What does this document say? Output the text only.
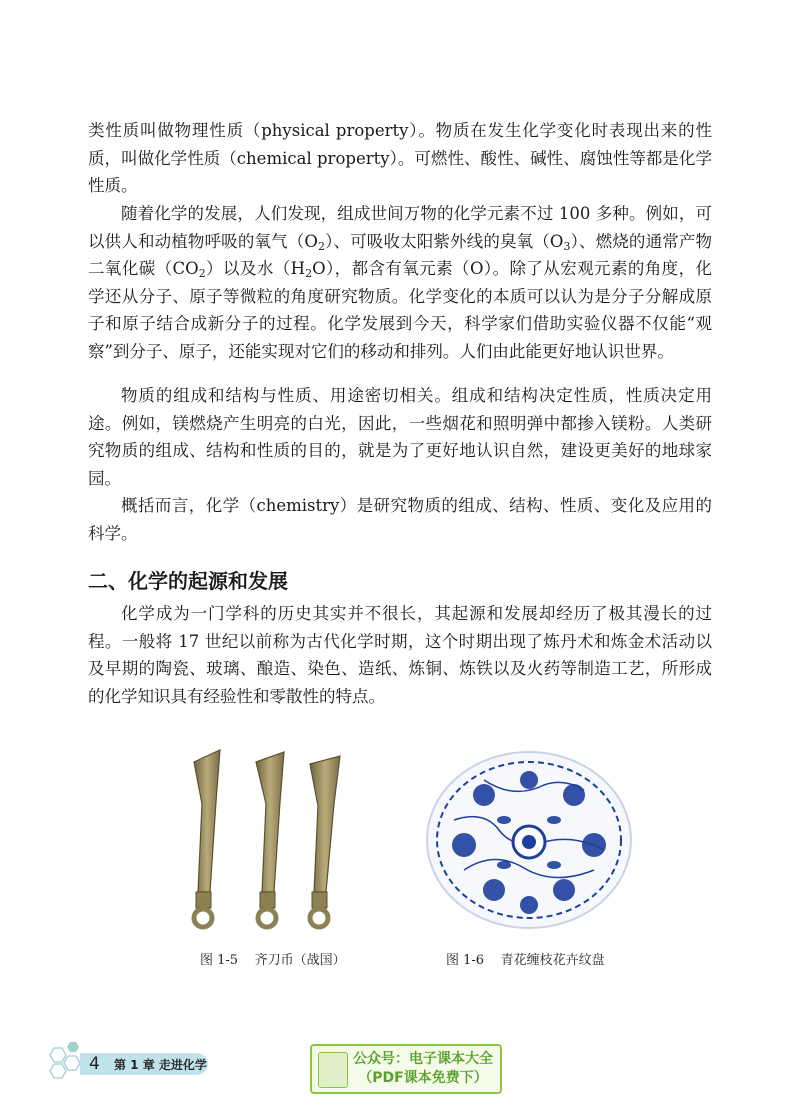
类性质叫做物理性质（physical property）。物质在发生化学变化时表现出来的性质，叫做化学性质（chemical property）。可燃性、酸性、碱性、腐蚀性等都是化学性质。

随着化学的发展，人们发现，组成世间万物的化学元素不过 100 多种。例如，可以供人和动植物呼吸的氧气$(O_2)$、可吸收太阳紫外线的臭氧$(O_3)$、燃烧的通常产物二氧化碳$(CO_2)$以及水$(H_2O)$，都含有氧元素（O）。除了从宏观元素的角度，化学还从分子、原子等微粒的角度研究物质。化学变化的本质可以认为是分子分解成原子和原子结合成新分子的过程。化学发展到今天，科学家们借助实验仪器不仅能“观察”到分子、原子，还能实现对它们的移动和排列。人们由此能更好地认识世界。

物质的组成和结构与性质、用途密切相关。组成和结构决定性质，性质决定用途。例如，镁燃烧产生明亮的白光，因此，一些烟花和照明弹中都掺入镁粉。人类研究物质的组成、结构和性质的目的，就是为了更好地认识自然，建设更美好的地球家园。

概括而言，化学（chemistry）是研究物质的组成、结构、性质、变化及应用的科学。

二、化学的起源和发展

化学成为一门学科的历史其实并不很长，其起源和发展却经历了极其漫长的过程。一般将 17 世纪以前称为古代化学时期，这个时期出现了炼丹术和炼金术活动以及早期的陶瓷、玻璃、酿造、染色、造纸、炼铜、炼铁以及火药等制造工艺，所形成的化学知识具有经验性和零散性的特点。

图 1-5    齐刀币（战国）	图 1-6    青花缠枝花卉纹盘
4 第 1 章 走进化学	公众号：电子课本大全
（PDF课本免费下）
